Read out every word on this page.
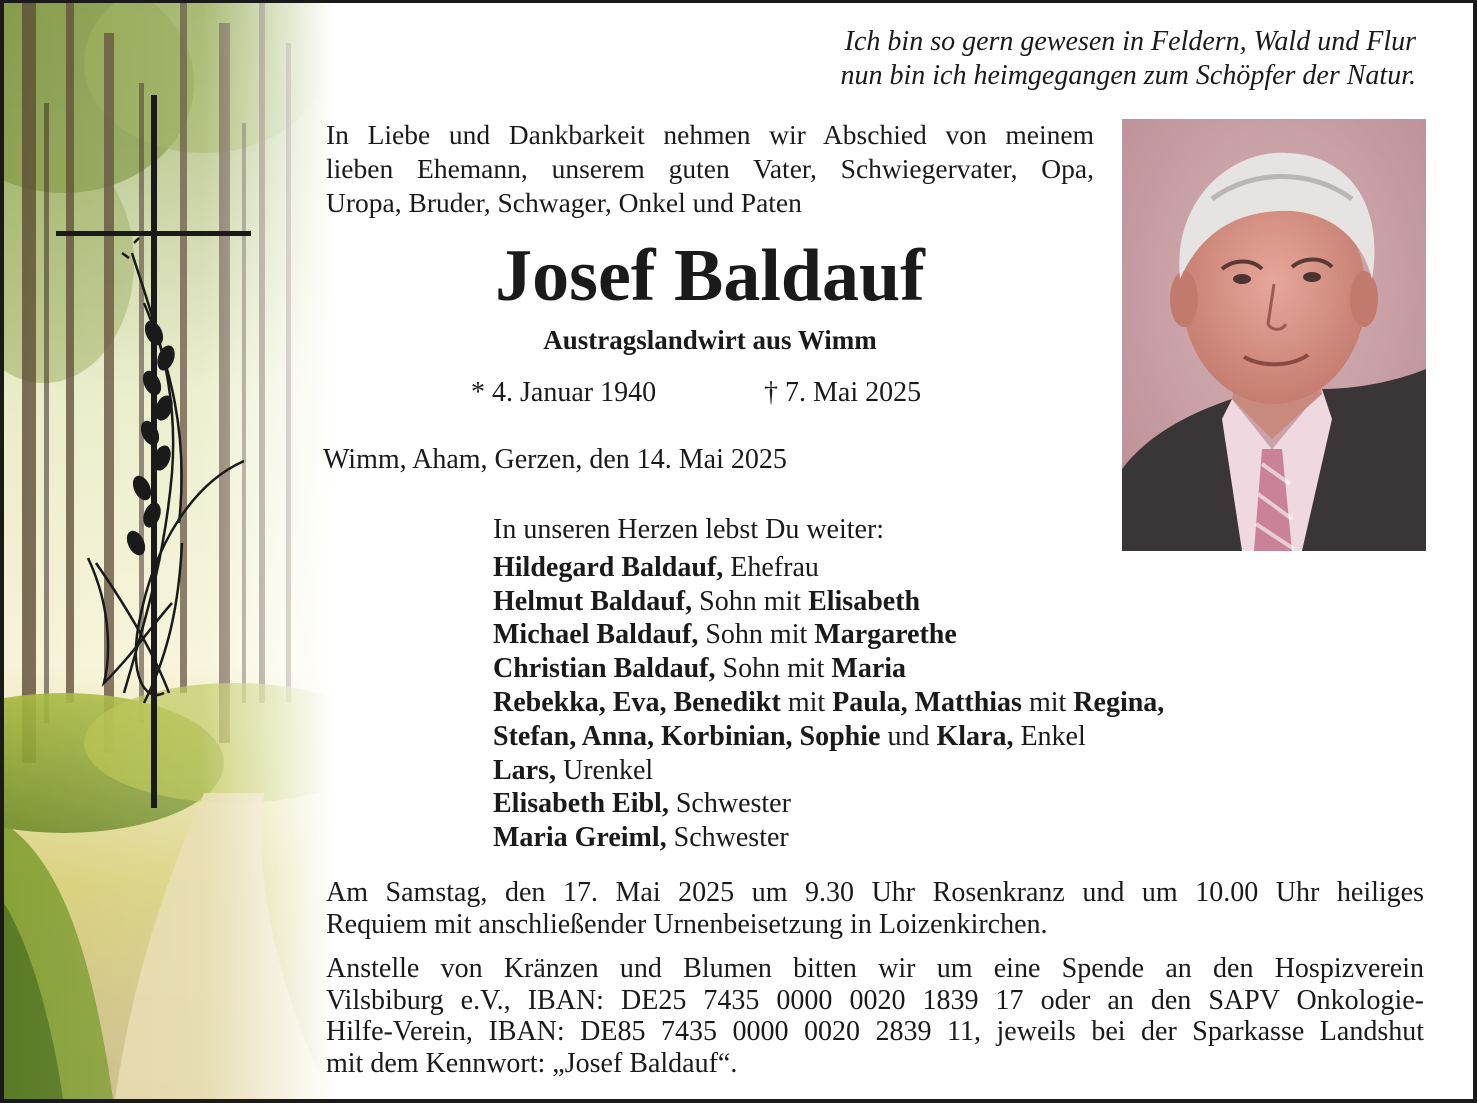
Ich bin so gern gewesen in Feldern, Wald und Flur
nun bin ich heimgegangen zum Schöpfer der Natur.
In Liebe und Dankbarkeit nehmen wir Abschied von meinem
lieben Ehemann, unserem guten Vater, Schwiegervater, Opa,
Uropa, Bruder, Schwager, Onkel und Paten
Josef Baldauf
Austragslandwirt aus Wimm
* 4. Januar 1940	† 7. Mai 2025
Wimm, Aham, Gerzen, den 14. Mai 2025
In unseren Herzen lebst Du weiter:
Hildegard Baldauf, Ehefrau
Helmut Baldauf, Sohn mit Elisabeth
Michael Baldauf, Sohn mit Margarethe
Christian Baldauf, Sohn mit Maria
Rebekka, Eva, Benedikt mit Paula, Matthias mit Regina,
Stefan, Anna, Korbinian, Sophie und Klara, Enkel
Lars, Urenkel
Elisabeth Eibl, Schwester
Maria Greiml, Schwester
Am Samstag, den 17. Mai 2025 um 9.30 Uhr Rosenkranz und um 10.00 Uhr heiliges
Requiem mit anschließender Urnenbeisetzung in Loizenkirchen.
Anstelle von Kränzen und Blumen bitten wir um eine Spende an den Hospizverein
Vilsbiburg e.V., IBAN: DE25 7435 0000 0020 1839 17 oder an den SAPV Onkologie-
Hilfe-Verein, IBAN: DE85 7435 0000 0020 2839 11, jeweils bei der Sparkasse Landshut
mit dem Kennwort: „Josef Baldauf“.
